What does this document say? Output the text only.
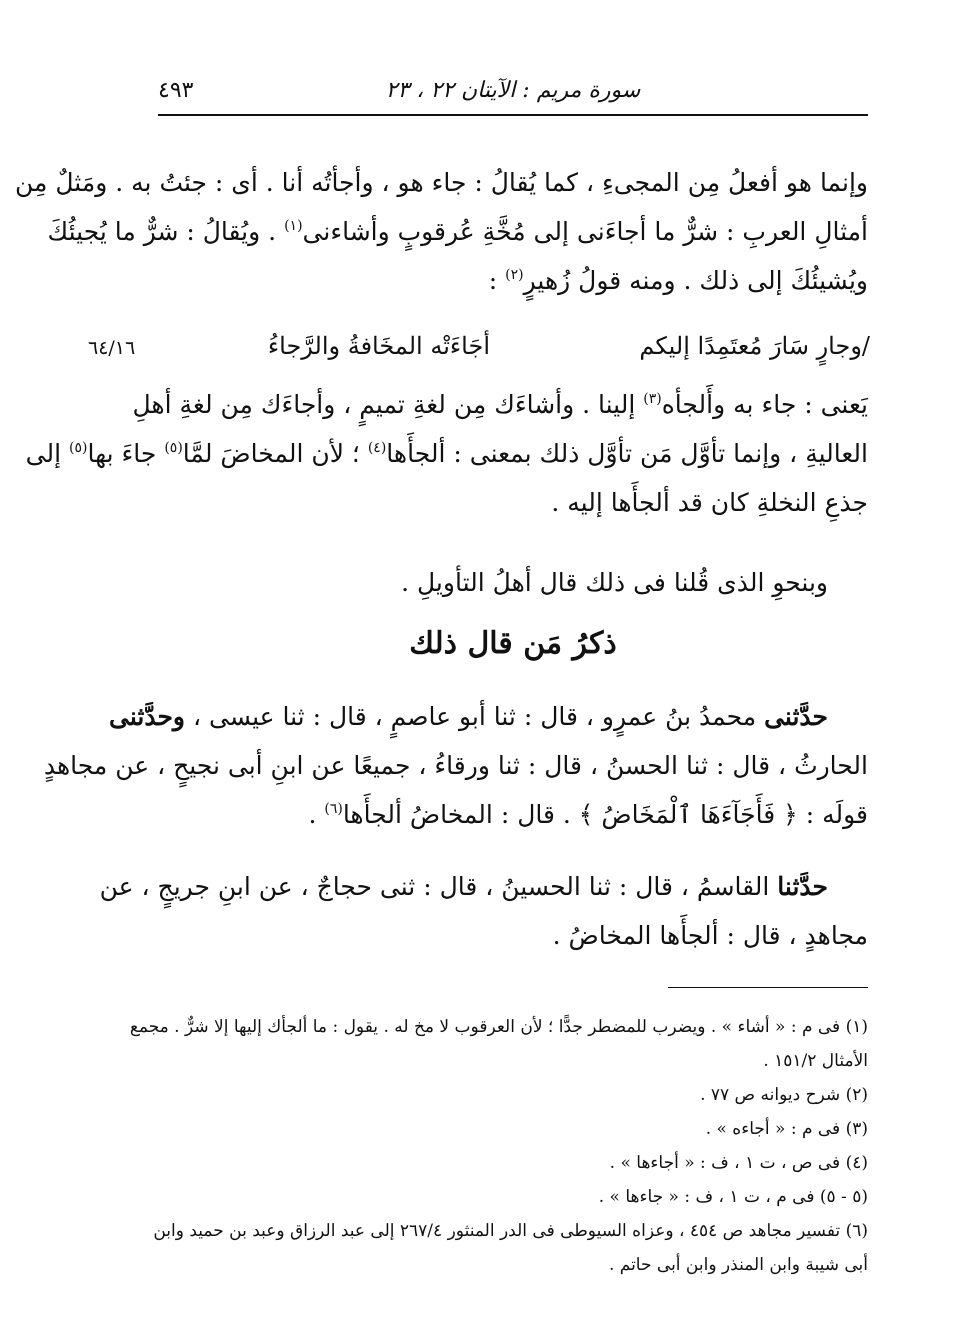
سورة مريم : الآيتان ٢٢ ، ٢٣
٤٩٣
وإنما هو أفعلُ مِن المجىءِ ، كما يُقالُ : جاء هو ، وأجأتُه أنا . أى : جئتُ به . ومَثلٌ مِن
أمثالِ العربِ : شرٌّ ما أجاءَنى إلى مُخَّةِ عُرقوبٍ وأشاءنى$^{(١)}$ . ويُقالُ : شرٌّ ما يُجيئُكَ
ويُشيئُكَ إلى ذلك . ومنه قولُ زُهيرٍ$^{(٢)}$ :
/وجارٍ سَارَ مُعتَمِدًا إليكم
أجَاءَتْه المخَافةُ والرَّجاءُ
٦٤/١٦
يَعنى : جاء به وأَلجأه$^{(٣)}$ إلينا . وأشاءَك مِن لغةِ تميمٍ ، وأجاءَك مِن لغةِ أهلِ
العاليةِ ، وإنما تأوَّل مَن تأوَّل ذلك بمعنى : ألجأَها$^{(٤)}$ ؛ لأن المخاضَ لمَّا$^{(٥)}$ جاءَ بها$^{(٥)}$ إلى
جذعِ النخلةِ كان قد ألجأَها إليه .
وبنحوِ الذى قُلنا فى ذلك قال أهلُ التأويلِ .
ذكرُ مَن قال ذلك
حدَّثنى محمدُ بنُ عمرٍو ، قال : ثنا أبو عاصمٍ ، قال : ثنا عيسى ، وحدَّثنى
الحارثُ ، قال : ثنا الحسنُ ، قال : ثنا ورقاءُ ، جميعًا عن ابنِ أبى نجيحٍ ، عن مجاهدٍ
قولَه : ﴿ فَأَجَآءَهَا ٱلْمَخَاضُ ﴾ . قال : المخاضُ ألجأَها$^{(٦)}$ .
حدَّثنا القاسمُ ، قال : ثنا الحسينُ ، قال : ثنى حجاجٌ ، عن ابنِ جريجٍ ، عن
مجاهدٍ ، قال : ألجأَها المخاضُ .
(١) فى م : « أشاء » . ويضرب للمضطر جدًّا ؛ لأن العرقوب لا مخ له . يقول : ما ألجأك إليها إلا شرٌّ . مجمع
الأمثال ١٥١/٢ .
(٢) شرح ديوانه ص ٧٧ .
(٣) فى م : « أجاءه » .
(٤) فى ص ، ت ١ ، ف : « أجاءها » .
(٥ - ٥) فى م ، ت ١ ، ف : « جاءها » .
(٦) تفسير مجاهد ص ٤٥٤ ، وعزاه السيوطى فى الدر المنثور ٢٦٧/٤ إلى عبد الرزاق وعبد بن حميد وابن
أبى شيبة وابن المنذر وابن أبى حاتم .
